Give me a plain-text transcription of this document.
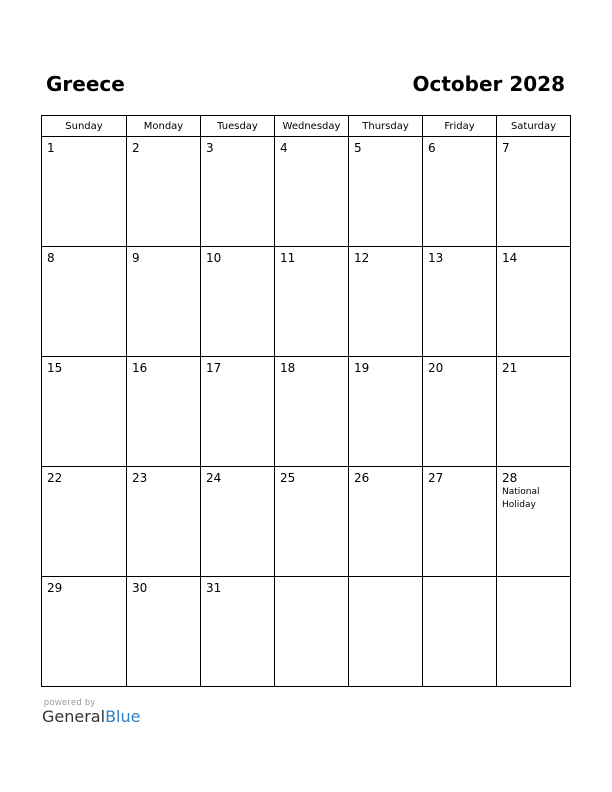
Greece	October 2028
Sunday	Monday	Tuesday	Wednesday	Thursday	Friday	Saturday

1	2	3	4	5	6	7

8	9	10	11	12	13	14

15	16	17	18	19	20	21

22	23	24	25	26	27	28
National Holiday

29	30	31				

powered by
GeneralBlue
